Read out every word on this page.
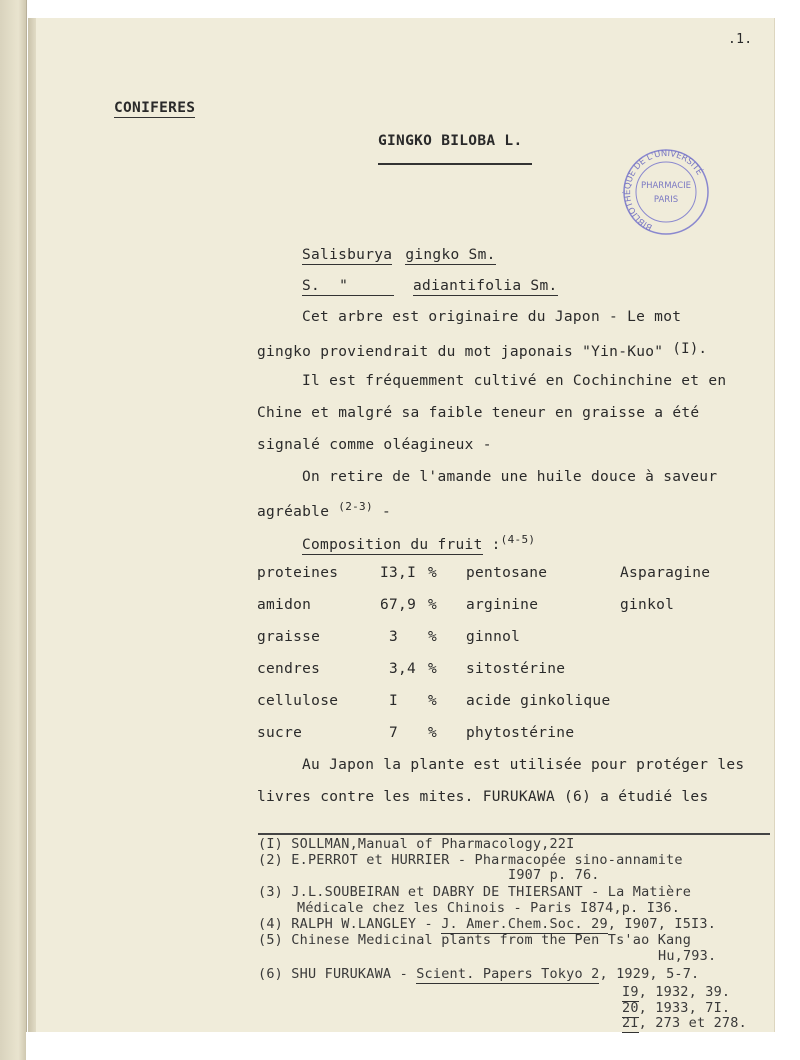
.1.
CONIFERES
GINGKO BILOBA L.
BIBLIOTHÈQUE DE L'UNIVERSITÉ
PHARMACIE
PARIS
Salisburya gingko Sm.
S. "	adiantifolia Sm.
Cet arbre est originaire du Japon - Le mot
gingko proviendrait du mot japonais "Yin-Kuo" (I).
Il est fréquemment cultivé en Cochinchine et en
Chine et malgré sa faible teneur en graisse a été
signalé comme oléagineux -
On retire de l'amande une huile douce à saveur
agréable $^{(2-3)}$ -
Composition du fruit :$^{(4-5)}$
proteines	I3,I % pentosane	Asparagine
amidon	67,9 % arginine	ginkol
graisse	3 % ginnol
cendres	3,4 % sitostérine
cellulose	I % acide ginkolique
sucre	7 % phytostérine
Au Japon la plante est utilisée pour protéger les
livres contre les mites. FURUKAWA (6) a étudié les
(I) SOLLMAN,Manual of Pharmacology,22I
(2) E.PERROT et HURRIER - Pharmacopée sino-annamite
I907 p. 76.
(3) J.L.SOUBEIRAN et DABRY DE THIERSANT - La Matière
Médicale chez les Chinois - Paris I874,p. I36.
(4) RALPH W.LANGLEY - J. Amer.Chem.Soc. 29, I907, I5I3.
(5) Chinese Medicinal plants from the Pen Ts'ao Kang
Hu,793.
(6) SHU FURUKAWA - Scient. Papers Tokyo 2, 1929, 5-7.
I9, 1932, 39.
20, 1933, 7I.
2I, 273 et 278.
